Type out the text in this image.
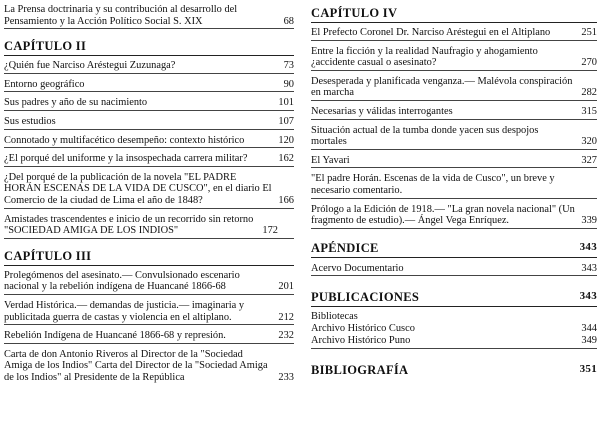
La Prensa doctrinaria y su contribución al desarrollo del Pensamiento y la Acción Político Social S. XIX	68
CAPÍTULO II
¿Quién fue Narciso Aréstegui Zuzunaga?	73
Entorno geográfico	90
Sus padres y año de su nacimiento	101
Sus estudios	107
Connotado y multifacético desempeño: contexto histórico	120
¿El porqué del uniforme y la insospechada carrera militar?	162
¿Del porqué de la publicación de la novela "EL PADRE HORÁN ESCENAS DE LA VIDA DE CUSCO", en el diario El Comercio de la ciudad de Lima el año de 1848?	166
Amistades trascendentes e inicio de un recorrido sin retorno "SOCIEDAD AMIGA DE LOS INDIOS"	172
CAPÍTULO III
Prolegómenos del asesinato.— Convulsionado escenario nacional y la rebelión indígena de Huancané 1866-68	201
Verdad Histórica.— demandas de justicia.— imaginaria y publicitada guerra de castas y violencia en el altiplano.	212
Rebelión Indígena de Huancané 1866-68 y represión.	232
Carta de don Antonio Riveros al Director de la "Sociedad Amiga de los Indios" Carta del Director de la "Sociedad Amiga de los Indios" al Presidente de la República	233
CAPÍTULO IV
El Prefecto Coronel Dr. Narciso Aréstegui en el Altiplano	251
Entre la ficción y la realidad Naufragio y ahogamiento ¿accidente casual o asesinato?	270
Desesperada y planificada venganza.— Malévola conspiración en marcha	282
Necesarias y válidas interrogantes	315
Situación actual de la tumba donde yacen sus despojos mortales	320
El Yavari	327
"El padre Horán. Escenas de la vida de Cusco", un breve y necesario comentario.
Prólogo a la Edición de 1918.— "La gran novela nacional" (Un fragmento de estudio).— Ángel Vega Enríquez.	339
APÉNDICE	343
Acervo Documentario	343
PUBLICACIONES	343
Bibliotecas
Archivo Histórico Cusco	344
Archivo Histórico Puno	349
BIBLIOGRAFÍA	351
